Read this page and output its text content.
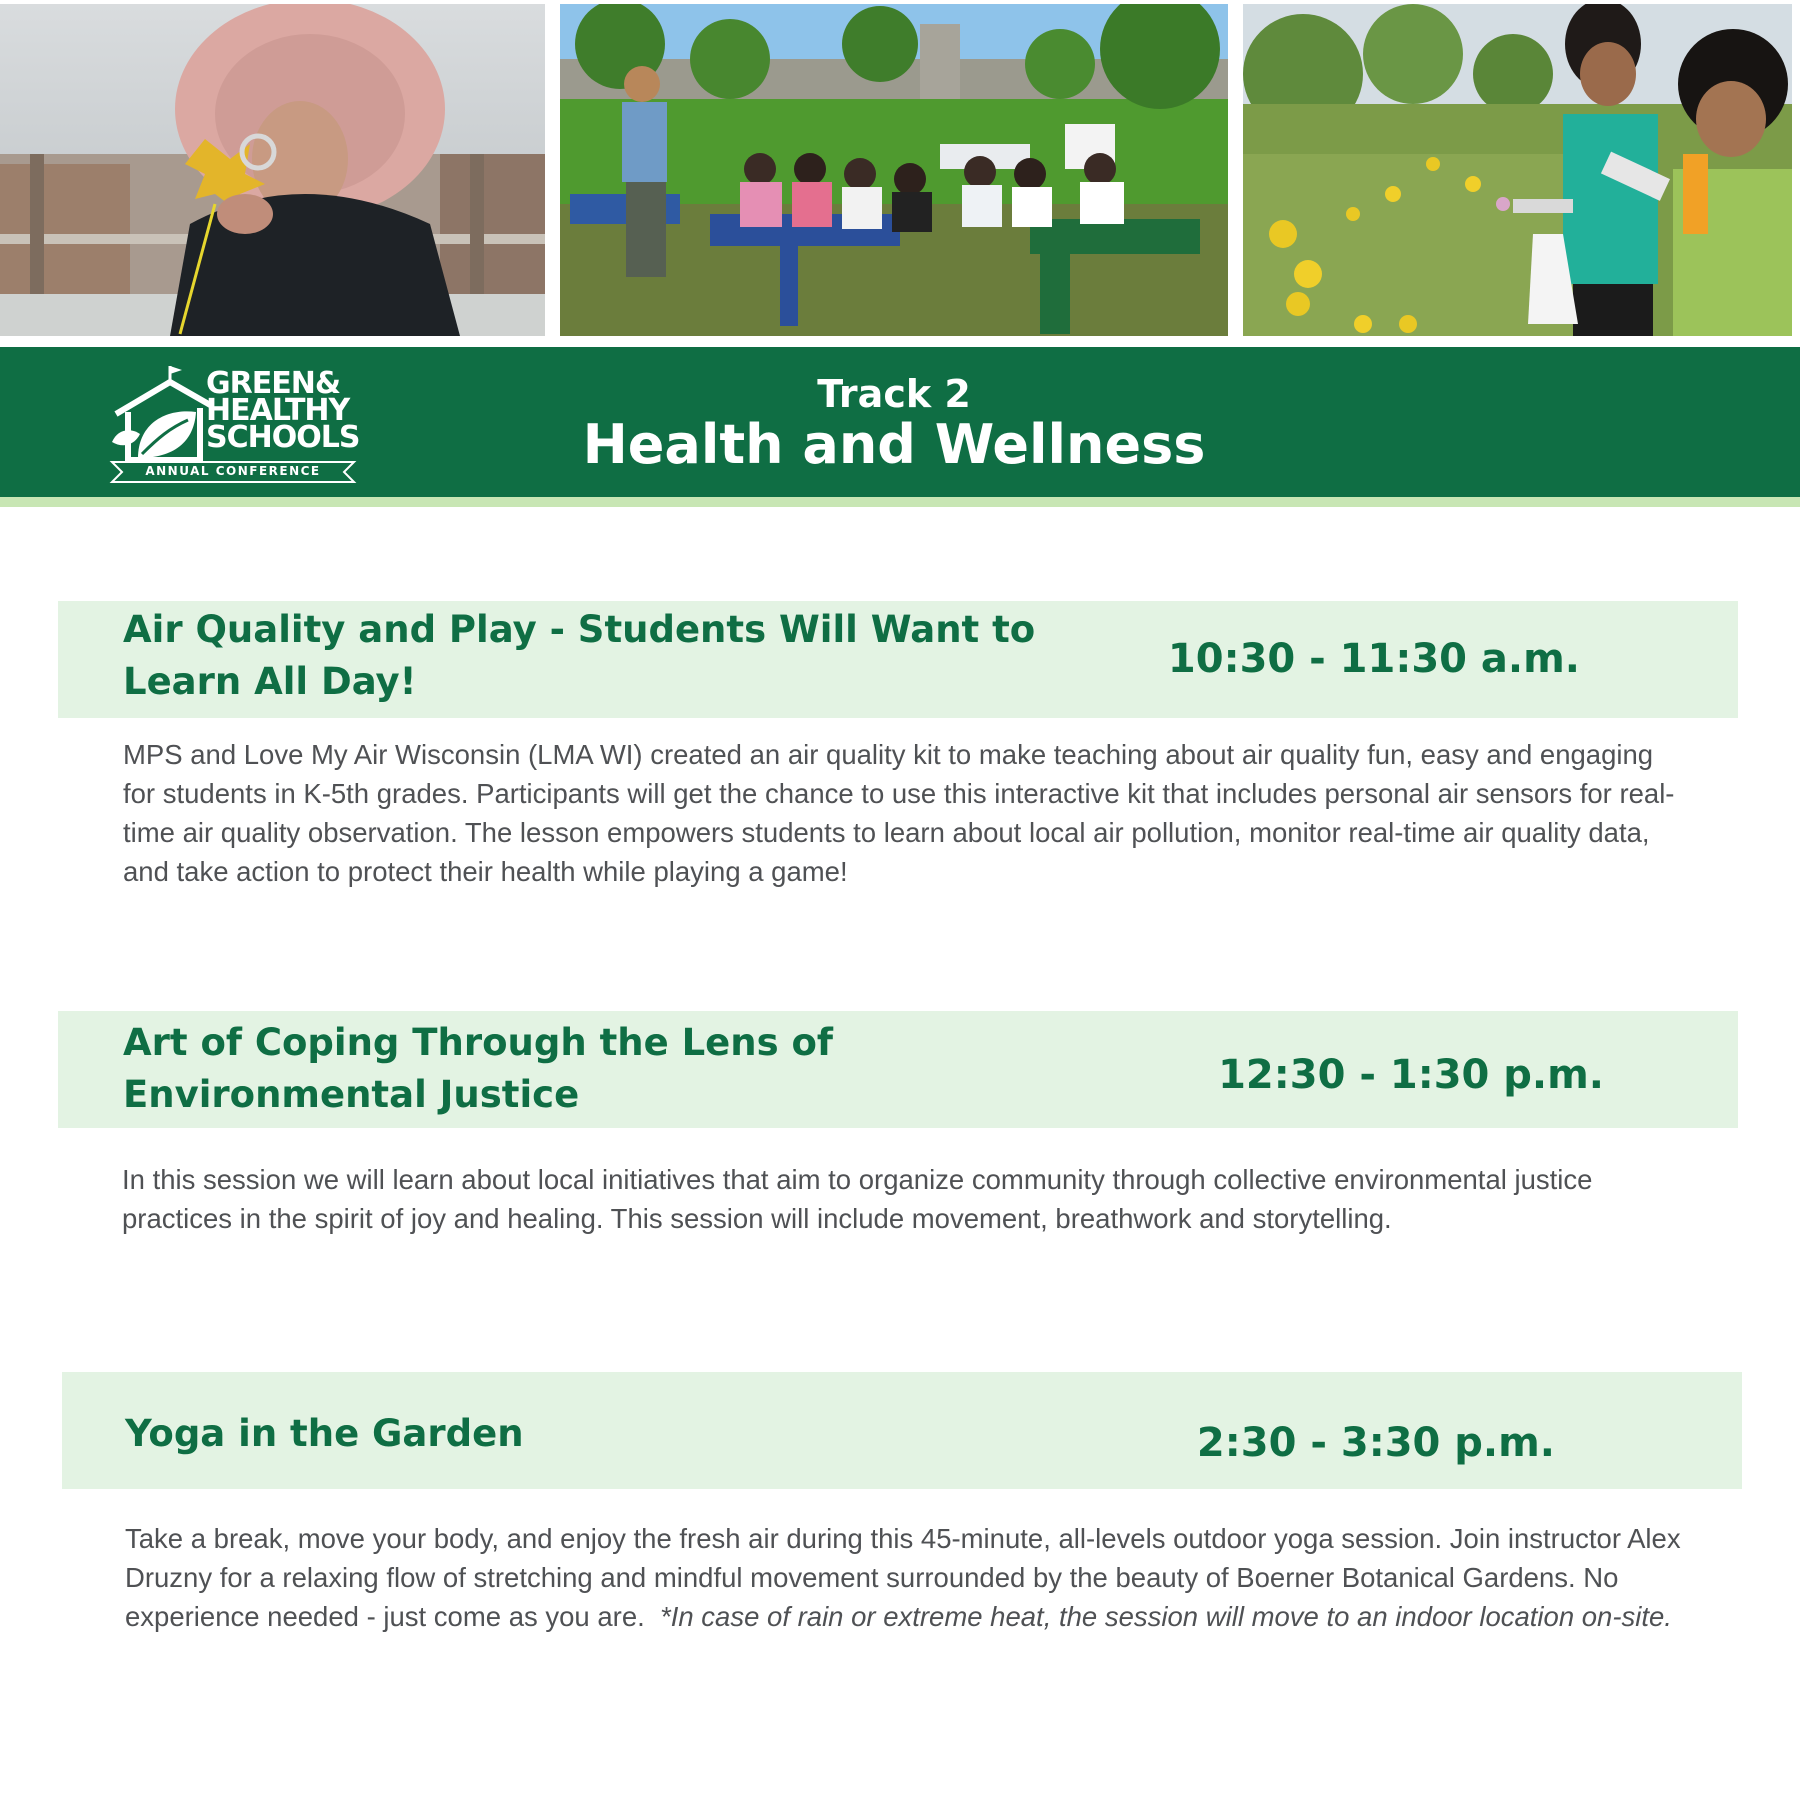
GREEN&
HEALTHY
SCHOOLS
ANNUAL CONFERENCE
Track 2
Health and Wellness
Air Quality and Play - Students Will Want to Learn All Day!	10:30 - 11:30 a.m.
MPS and Love My Air Wisconsin (LMA WI) created an air quality kit to make teaching about air quality fun, easy and engaging for students in K-5th grades. Participants will get the chance to use this interactive kit that includes personal air sensors for real-time air quality observation. The lesson empowers students to learn about local air pollution, monitor real-time air quality data, and take action to protect their health while playing a game!
Art of Coping Through the Lens of Environmental Justice	12:30 - 1:30 p.m.
In this session we will learn about local initiatives that aim to organize community through collective environmental justice practices in the spirit of joy and healing. This session will include movement, breathwork and storytelling.
Yoga in the Garden	2:30 - 3:30 p.m.
Take a break, move your body, and enjoy the fresh air during this 45-minute, all-levels outdoor yoga session. Join instructor Alex Druzny for a relaxing flow of stretching and mindful movement surrounded by the beauty of Boerner Botanical Gardens. No experience needed - just come as you are. *In case of rain or extreme heat, the session will move to an indoor location on-site.
